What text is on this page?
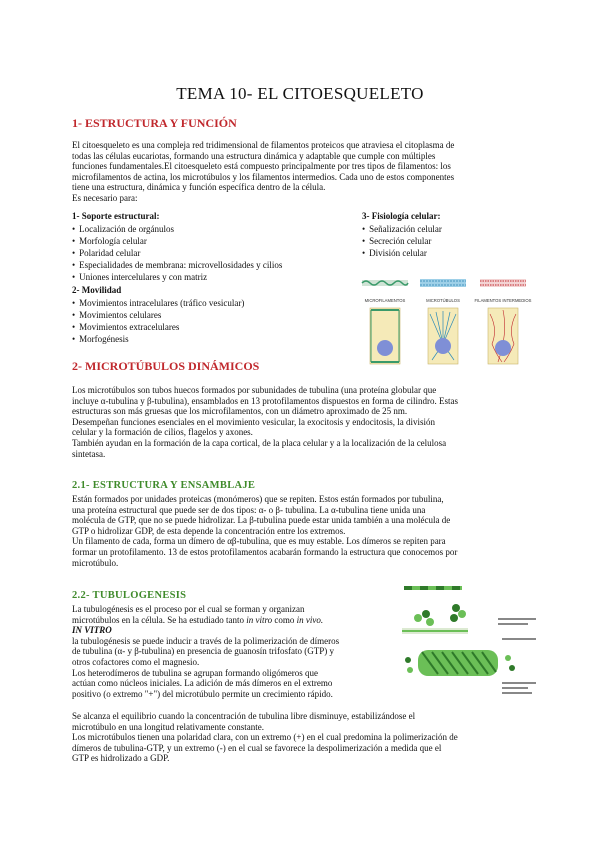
TEMA 10- EL CITOESQUELETO
1- ESTRUCTURA Y FUNCIÓN
El citoesqueleto es una compleja red tridimensional de filamentos proteicos que atraviesa el citoplasma de
todas las células eucariotas, formando una estructura dinámica y adaptable que cumple con múltiples
funciones fundamentales.El citoesqueleto está compuesto principalmente por tres tipos de filamentos: los
microfilamentos de actina, los microtúbulos y los filamentos intermedios. Cada uno de estos componentes
tiene una estructura, dinámica y función específica dentro de la célula.
Es necesario para:
1- Soporte estructural:
• Localización de orgánulos
• Morfología celular
• Polaridad celular
• Especialidades de membrana: microvellosidades y cilios
• Uniones intercelulares y con matriz
2- Movilidad
• Movimientos intracelulares (tráfico vesicular)
• Movimientos celulares
• Movimientos extracelulares
• Morfogénesis
3- Fisiología celular:
• Señalización celular
• Secreción celular
• División celular
MICROFILAMENTOS	MICROTÚBULOS	FILAMENTOS INTERMEDIOS
2- MICROTÚBULOS DINÁMICOS
Los microtúbulos son tubos huecos formados por subunidades de tubulina (una proteína globular que
incluye α-tubulina y β-tubulina), ensamblados en 13 protofilamentos dispuestos en forma de cilindro. Estas
estructuras son más gruesas que los microfilamentos, con un diámetro aproximado de 25 nm.
Desempeñan funciones esenciales en el movimiento vesicular, la exocitosis y endocitosis, la división
celular y la formación de cilios, flagelos y axones.
También ayudan en la formación de la capa cortical, de la placa celular y a la localización de la celulosa
sintetasa.
2.1- ESTRUCTURA Y ENSAMBLAJE
Están formados por unidades proteicas (monómeros) que se repiten. Estos están formados por tubulina,
una proteína estructural que puede ser de dos tipos: α- o β- tubulina. La α-tubulina tiene unida una
molécula de GTP, que no se puede hidrolizar. La β-tubulina puede estar unida también a una molécula de
GTP o hidrolizar GDP, de esta depende la concentración entre los extremos.
Un filamento de cada, forma un dímero de αβ-tubulina, que es muy estable. Los dímeros se repiten para
formar un protofilamento. 13 de estos protofilamentos acabarán formando la estructura que conocemos por
microtúbulo.
2.2- TUBULOGENESIS
La tubulogénesis es el proceso por el cual se forman y organizan
microtúbulos en la célula. Se ha estudiado tanto in vitro como in vivo.
IN VITRO
la tubulogénesis se puede inducir a través de la polimerización de dímeros
de tubulina (α- y β-tubulina) en presencia de guanosín trifosfato (GTP) y
otros cofactores como el magnesio.
Los heterodímeros de tubulina se agrupan formando oligómeros que
actúan como núcleos iniciales. La adición de más dímeros en el extremo
positivo (o extremo "+") del microtúbulo permite un crecimiento rápido.
Se alcanza el equilibrio cuando la concentración de tubulina libre disminuye, estabilizándose el
microtúbulo en una longitud relativamente constante.
Los microtúbulos tienen una polaridad clara, con un extremo (+) en el cual predomina la polimerización de
dímeros de tubulina-GTP, y un extremo (-) en el cual se favorece la despolimerización a medida que el
GTP es hidrolizado a GDP.
